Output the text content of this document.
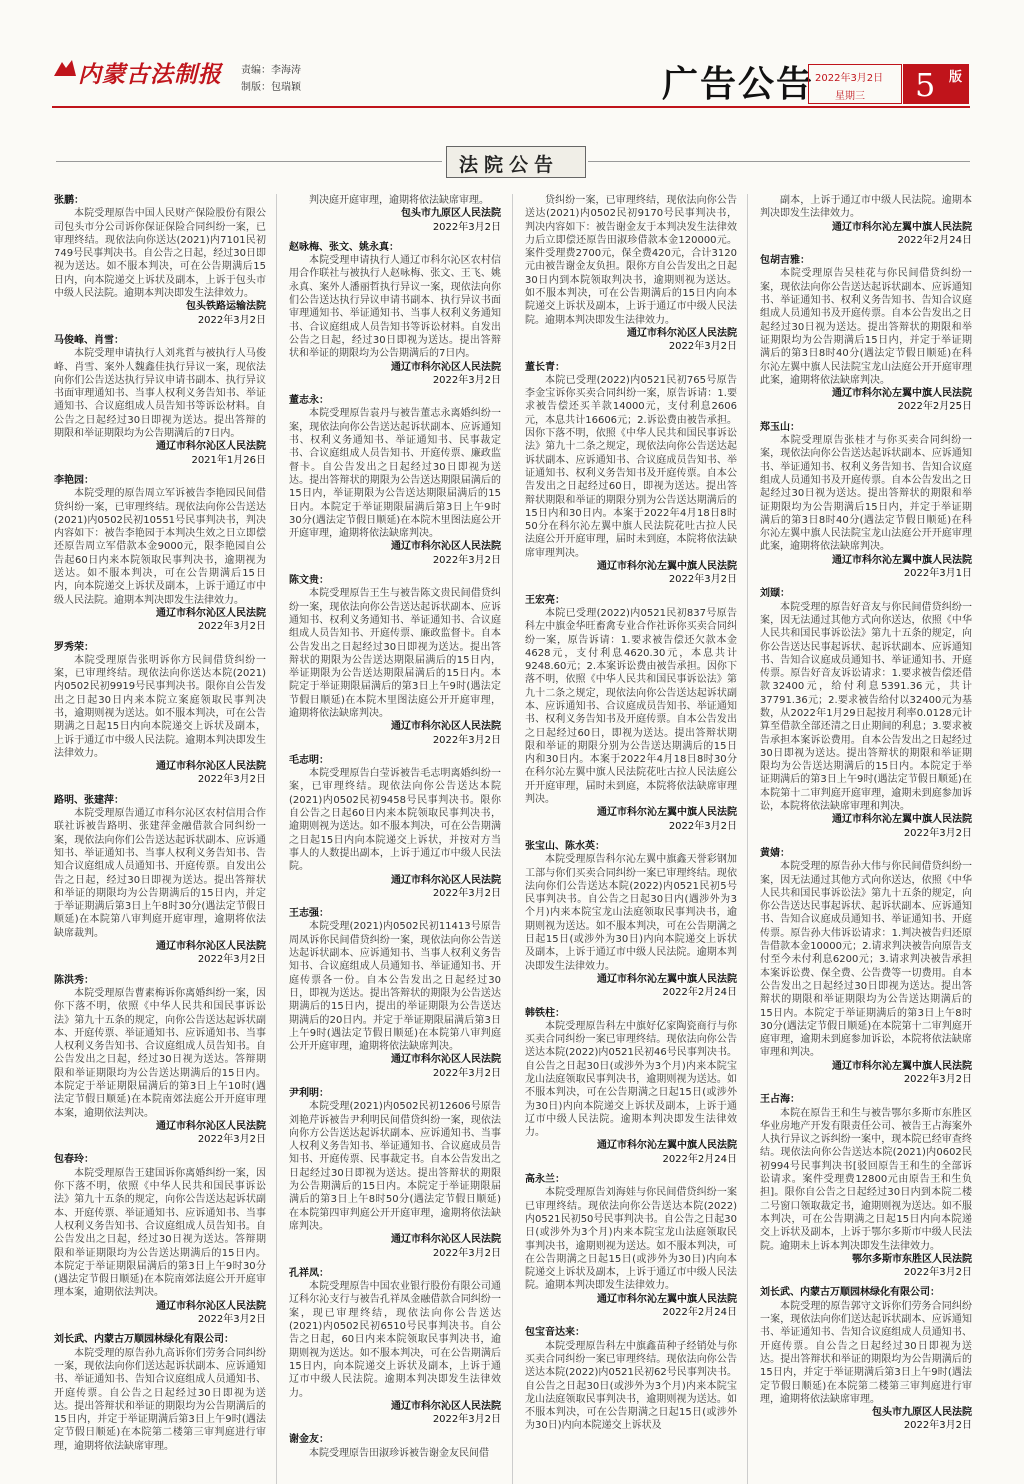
内蒙古法制报 责编：李海涛
制版：包瑞颖	广告公告 2022年3月2日
星期三 5 版
法院公告
张鹏：
本院受理原告中国人民财产保险股份有限公司包头市分公司诉你保证保险合同纠纷一案，已审理终结。现依法向你送达(2021)内7101民初749号民事判决书。自公告之日起，经过30日即视为送达。如不服本判决，可在公告期满后15日内，向本院递交上诉状及副本，上诉于包头市中级人民法院。逾期本判决即发生法律效力。
包头铁路运输法院
2022年3月2日
马俊峰、肖雪：
本院受理申请执行人刘兆哲与被执行人马俊峰、肖雪、案外人魏鑫佳执行异议一案，现依法向你们公告送达执行异议申请书副本、执行异议书面审理通知书、当事人权利义务告知书、举证通知书、合议庭组成人员告知书等诉讼材料。自公告之日起经过30日即视为送达。提出答辩的期限和举证期限均为公告期满后的7日内。
通辽市科尔沁区人民法院
2021年1月26日
李艳园：
本院受理的原告周立军诉被告李艳园民间借贷纠纷一案，已审理终结。现依法向你公告送达(2021)内0502民初10551号民事判决书，判决内容如下：被告李艳园于本判决生效之日立即偿还原告周立军借款本金9000元，限李艳园自公告起60日内来本院领取民事判决书，逾期视为送达。如不服本判决，可在公告期满后15日内，向本院递交上诉状及副本，上诉于通辽市中级人民法院。逾期本判决即发生法律效力。
通辽市科尔沁区人民法院
2022年3月2日
罗秀荣：
本院受理原告张明诉你方民间借贷纠纷一案，已审理终结。现依法向你送达本院(2021)内0502民初9919号民事判决书。限你自公告发出之日起30日内来本院立案庭领取民事判决书，逾期则视为送达。如不服本判决，可在公告期满之日起15日内向本院递交上诉状及副本，上诉于通辽市中级人民法院。逾期本判决即发生法律效力。
通辽市科尔沁区人民法院
2022年3月2日
路明、张建萍：
本院受理原告通辽市科尔沁区农村信用合作联社诉被告路明、张建萍金融借款合同纠纷一案，现依法向你们公告送达起诉状副本、应诉通知书、举证通知书、当事人权利义务告知书、告知合议庭组成人员通知书、开庭传票。自发出公告之日起，经过30日即视为送达。提出答辩状和举证的期限均为公告期满后的15日内，并定于举证期满后第3日上午8时30分(遇法定节假日顺延)在本院第八审判庭开庭审理，逾期将依法缺席裁判。
通辽市科尔沁区人民法院
2022年3月2日
陈洪秀：
本院受理原告曹素梅诉你离婚纠纷一案，因你下落不明，依照《中华人民共和国民事诉讼法》第九十五条的规定，向你公告送达起诉状副本、开庭传票、举证通知书、应诉通知书、当事人权利义务告知书、合议庭组成人员告知书。自公告发出之日起，经过30日视为送达。答辩期限和举证期限均为公告送达期满后的15日内。本院定于举证期限届满后的第3日上午10时(遇法定节假日顺延)在本院南郊法庭公开开庭审理本案，逾期依法判决。
通辽市科尔沁区人民法院
2022年3月2日
包春玲：
本院受理原告王建国诉你离婚纠纷一案，因你下落不明，依照《中华人民共和国民事诉讼法》第九十五条的规定，向你公告送达起诉状副本、开庭传票、举证通知书、应诉通知书、当事人权利义务告知书、合议庭组成人员告知书。自公告发出之日起，经过30日视为送达。答辩期限和举证期限均为公告送达期满后的15日内。本院定于举证期限届满后的第3日上午9时30分(遇法定节假日顺延)在本院南郊法庭公开开庭审理本案，逾期依法判决。
通辽市科尔沁区人民法院
2022年3月2日
刘长武、内蒙古万顺园林绿化有限公司：
本院受理的原告孙九高诉你们劳务合同纠纷一案，现依法向你们送达起诉状副本、应诉通知书、举证通知书、告知合议庭组成人员通知书、开庭传票。自公告之日起经过30日即视为送达。提出答辩状和举证的期限均为公告期满后的15日内，并定于举证期满后第3日上午9时(遇法定节假日顺延)在本院第二楼第三审判庭进行审理，逾期将依法缺席审理。
判决庭开庭审理，逾期将依法缺席审理。
包头市九原区人民法院
2022年3月2日
赵咏梅、张文、姚永真：
本院受理申请执行人通辽市科尔沁区农村信用合作联社与被执行人赵咏梅、张文、王飞、姚永真、案外人潘丽哲执行异议一案，现依法向你们公告送达执行异议申请书副本、执行异议书面审理通知书、举证通知书、当事人权利义务通知书、合议庭组成人员告知书等诉讼材料。自发出公告之日起，经过30日即视为送达。提出答辩状和举证的期限均为公告期满后的7日内。
通辽市科尔沁区人民法院
2022年3月2日
董志永：
本院受理原告袁丹与被告董志永离婚纠纷一案，现依法向你公告送达起诉状副本、应诉通知书、权利义务通知书、举证通知书、民事裁定书、合议庭组成人员告知书、开庭传票、廉政监督卡。自公告发出之日起经过30日即视为送达。提出答辩状的期限为公告送达期限届满后的15日内，举证期限为公告送达期限届满后的15日内。本院定于举证期限届满后第3日上午9时30分(遇法定节假日顺延)在本院木里图法庭公开开庭审理，逾期将依法缺席判决。
通辽市科尔沁区人民法院
2022年3月2日
陈文贵：
本院受理原告王生与被告陈文贵民间借贷纠纷一案，现依法向你公告送达起诉状副本、应诉通知书、权利义务通知书、举证通知书、合议庭组成人员告知书、开庭传票、廉政监督卡。自本公告发出之日起经过30日即视为送达。提出答辩状的期限为公告送达期限届满后的15日内，举证期限为公告送达期限届满后的15日内。本院定于举证期限届满后的第3日上午9时(遇法定节假日顺延)在本院木里图法庭公开开庭审理，逾期将依法缺席判决。
通辽市科尔沁区人民法院
2022年3月2日
毛志明：
本院受理原告白莹诉被告毛志明离婚纠纷一案，已审理终结。现依法向你公告送达本院(2021)内0502民初9458号民事判决书。限你自公告之日起60日内来本院领取民事判决书，逾期则视为送达。如不服本判决，可在公告期满之日起15日内向本院递交上诉状，并按对方当事人的人数提出副本，上诉于通辽市中级人民法院。
通辽市科尔沁区人民法院
2022年3月2日
王志强：
本院受理(2021)内0502民初11413号原告周凤诉你民间借贷纠纷一案，现依法向你公告送达起诉状副本、应诉通知书、当事人权利义务告知书、合议庭组成人员通知书、举证通知书、开庭传票各一份。自本公告发出之日起经过30日，即视为送达。提出答辩状的期限为公告送达期满后的15日内，提出的举证期限为公告送达期满后的20日内。并定于举证期限届满后第3日上午9时(遇法定节假日顺延)在本院第八审判庭公开开庭审理，逾期将依法缺席判决。
通辽市科尔沁区人民法院
2022年3月2日
尹利明：
本院受理(2021)内0502民初12606号原告刘艳芹诉被告尹利明民间借贷纠纷一案，现依法向你方公告送达起诉状副本、应诉通知书、当事人权利义务告知书、举证通知书、合议庭成员告知书、开庭传票、民事裁定书。自本公告发出之日起经过30日即视为送达。提出答辩状的期限为公告期满后的15日内。本院定于举证期限届满后的第3日上午8时50分(遇法定节假日顺延)在本院第四审判庭公开开庭审理，逾期将依法缺席判决。
通辽市科尔沁区人民法院
2022年3月2日
孔祥凤：
本院受理原告中国农业银行股份有限公司通辽科尔沁支行与被告孔祥凤金融借款合同纠纷一案，现已审理终结，现依法向你公告送达(2021)内0502民初6510号民事判决书。自公告之日起，60日内来本院领取民事判决书，逾期则视为送达。如不服本判决，可在公告期满后15日内，向本院递交上诉状及副本，上诉于通辽市中级人民法院。逾期本判决即发生法律效力。
通辽市科尔沁区人民法院
2022年3月2日
谢金友：
本院受理原告田淑珍诉被告谢金友民间借
贷纠纷一案，已审理终结，现依法向你公告送达(2021)内0502民初9170号民事判决书，判决内容如下：被告谢金友于本判决发生法律效力后立即偿还原告田淑珍借款本金120000元。案件受理费2700元，保全费420元，合计3120元由被告谢金友负担。限你方自公告发出之日起30日内到本院领取判决书，逾期则视为送达。如不服本判决，可在公告期满后的15日内向本院递交上诉状及副本，上诉于通辽市中级人民法院。逾期本判决即发生法律效力。
通辽市科尔沁区人民法院
2022年3月2日
董长青：
本院已受理(2022)内0521民初765号原告李金宝诉你买卖合同纠纷一案，原告诉请：1.要求被告偿还买羊款14000元，支付利息2606元，本息共计16606元；2.诉讼费由被告承担。因你下落不明，依照《中华人民共和国民事诉讼法》第九十二条之规定，现依法向你公告送达起诉状副本、应诉通知书、合议庭成员告知书、举证通知书、权利义务告知书及开庭传票。自本公告发出之日起经过60日，即视为送达。提出答辩状期限和举证的期限分别为公告送达期满后的15日内和30日内。本案于2022年4月18日8时50分在科尔沁左翼中旗人民法院花吐古拉人民法庭公开开庭审理，届时未到庭，本院将依法缺席审理判决。
通辽市科尔沁左翼中旗人民法院
2022年3月2日
王宏亮：
本院已受理(2022)内0521民初837号原告科左中旗金华旺畜禽专业合作社诉你买卖合同纠纷一案，原告诉请：1.要求被告偿还欠款本金4628元，支付利息4620.30元，本息共计9248.60元；2.本案诉讼费由被告承担。因你下落不明，依照《中华人民共和国民事诉讼法》第九十二条之规定，现依法向你公告送达起诉状副本、应诉通知书、合议庭成员告知书、举证通知书、权利义务告知书及开庭传票。自本公告发出之日起经过60日，即视为送达。提出答辩状期限和举证的期限分别为公告送达期满后的15日内和30日内。本案于2022年4月18日8时30分在科尔沁左翼中旗人民法院花吐古拉人民法庭公开开庭审理，届时未到庭，本院将依法缺席审理判决。
通辽市科尔沁左翼中旗人民法院
2022年3月2日
张宝山、陈水英：
本院受理原告科尔沁左翼中旗鑫天誉彩钢加工部与你们买卖合同纠纷一案已审理终结。现依法向你们公告送达本院(2022)内0521民初5号民事判决书。自公告之日起30日内(遇涉外为3个月)内来本院宝龙山法庭领取民事判决书，逾期则视为送达。如不服本判决，可在公告期满之日起15日(或涉外为30日)内向本院递交上诉状及副本，上诉于通辽市中级人民法院。逾期本判决即发生法律效力。
通辽市科尔沁左翼中旗人民法院
2022年2月24日
韩铁柱：
本院受理原告科左中旗好亿家陶瓷商行与你买卖合同纠纷一案已审理终结。现依法向你公告送达本院(2022)内0521民初46号民事判决书。自公告之日起30日(或涉外为3个月)内来本院宝龙山法庭领取民事判决书，逾期则视为送达。如不服本判决，可在公告期满之日起15日(或涉外为30日)内向本院递交上诉状及副本，上诉于通辽市中级人民法院。逾期本判决即发生法律效力。
通辽市科尔沁左翼中旗人民法院
2022年2月24日
高永兰：
本院受理原告刘海娃与你民间借贷纠纷一案已审理终结。现依法向你公告送达本院(2022)内0521民初50号民事判决书。自公告之日起30日(或涉外为3个月)内来本院宝龙山法庭领取民事判决书，逾期则视为送达。如不服本判决，可在公告期满之日起15日(或涉外为30日)内向本院递交上诉状及副本，上诉于通辽市中级人民法院。逾期本判决即发生法律效力。
通辽市科尔沁左翼中旗人民法院
2022年2月24日
包宝音达来：
本院受理原告科左中旗鑫苗种子经销处与你买卖合同纠纷一案已审理终结。现依法向你公告送达本院(2022)内0521民初62号民事判决书。自公告之日起30日(或涉外为3个月)内来本院宝龙山法庭领取民事判决书，逾期则视为送达。如不服本判决，可在公告期满之日起15日(或涉外为30日)内向本院递交上诉状及
副本，上诉于通辽市中级人民法院。逾期本判决即发生法律效力。
通辽市科尔沁左翼中旗人民法院
2022年2月24日
包胡吉雅：
本院受理原告吴桂花与你民间借贷纠纷一案，现依法向你公告送达起诉状副本、应诉通知书、举证通知书、权利义务告知书、告知合议庭组成人员通知书及开庭传票。自本公告发出之日起经过30日视为送达。提出答辩状的期限和举证期限均为公告期满后15日内，并定于举证期满后的第3日8时40分(遇法定节假日顺延)在科尔沁左翼中旗人民法院宝龙山法庭公开开庭审理此案，逾期将依法缺席判决。
通辽市科尔沁左翼中旗人民法院
2022年2月25日
郑玉山：
本院受理原告张桂才与你买卖合同纠纷一案，现依法向你公告送达起诉状副本、应诉通知书、举证通知书、权利义务告知书、告知合议庭组成人员通知书及开庭传票。自本公告发出之日起经过30日视为送达。提出答辩状的期限和举证期限均为公告期满后15日内，并定于举证期满后的第3日8时40分(遇法定节假日顺延)在科尔沁左翼中旗人民法院宝龙山法庭公开开庭审理此案，逾期将依法缺席判决。
通辽市科尔沁左翼中旗人民法院
2022年3月1日
刘颋：
本院受理的原告好音友与你民间借贷纠纷一案，因无法通过其他方式向你送达，依照《中华人民共和国民事诉讼法》第九十五条的规定，向你公告送达民事起诉状、起诉状副本、应诉通知书、告知合议庭成员通知书、举证通知书、开庭传票。原告好音友诉讼请求：1.要求被告偿还借款32400元，给付利息5391.36元，共计37791.36元；2.要求被告给付以32400元为基数，从2022年1月29日起按月利率0.0128元计算至借款全部还清之日止期间的利息；3.要求被告承担本案诉讼费用。自本公告发出之日起经过30日即视为送达。提出答辩状的期限和举证期限均为公告送达期满后的15日内。本院定于举证期满后的第3日上午9时(遇法定节假日顺延)在本院第十二审判庭开庭审理，逾期未到庭参加诉讼，本院将依法缺席审理和判决。
通辽市科尔沁左翼中旗人民法院
2022年3月2日
黄婧：
本院受理的原告孙大伟与你民间借贷纠纷一案，因无法通过其他方式向你送达，依照《中华人民共和国民事诉讼法》第九十五条的规定，向你公告送达民事起诉状、起诉状副本、应诉通知书、告知合议庭成员通知书、举证通知书、开庭传票。原告孙大伟诉讼请求：1.判决被告归还原告借款本金10000元；2.请求判决被告向原告支付至今未付利息6200元；3.请求判决被告承担本案诉讼费、保全费、公告费等一切费用。自本公告发出之日起经过30日即视为送达。提出答辩状的期限和举证期限均为公告送达期满后的15日内。本院定于举证期满后的第3日上午8时30分(遇法定节假日顺延)在本院第十二审判庭开庭审理，逾期未到庭参加诉讼，本院将依法缺席审理和判决。
通辽市科尔沁左翼中旗人民法院
2022年3月2日
王占海：
本院在原告王和生与被告鄂尔多斯市东胜区华业房地产开发有限责任公司、被告王占海案外人执行异议之诉纠纷一案中，现本院已经审查终结。现依法向你公告送达本院(2021)内0602民初994号民事判决书[驳回原告王和生的全部诉讼请求。案件受理费12800元由原告王和生负担]。限你自公告之日起经过30日内到本院二楼二号窗口领取裁定书，逾期则视为送达。如不服本判决，可在公告期满之日起15日内向本院递交上诉状及副本，上诉于鄂尔多斯市中级人民法院。逾期未上诉本判决即发生法律效力。
鄂尔多斯市东胜区人民法院
2022年3月2日
刘长武、内蒙古万顺园林绿化有限公司：
本院受理的原告郭守文诉你们劳务合同纠纷一案，现依法向你们送达起诉状副本、应诉通知书、举证通知书、告知合议庭组成人员通知书、开庭传票。自公告之日起经过30日即视为送达。提出答辩状和举证的期限均为公告期满后的15日内，并定于举证期满后第3日上午9时(遇法定节假日顺延)在本院第二楼第三审判庭进行审理，逾期将依法缺席审理。
包头市九原区人民法院
2022年3月2日
